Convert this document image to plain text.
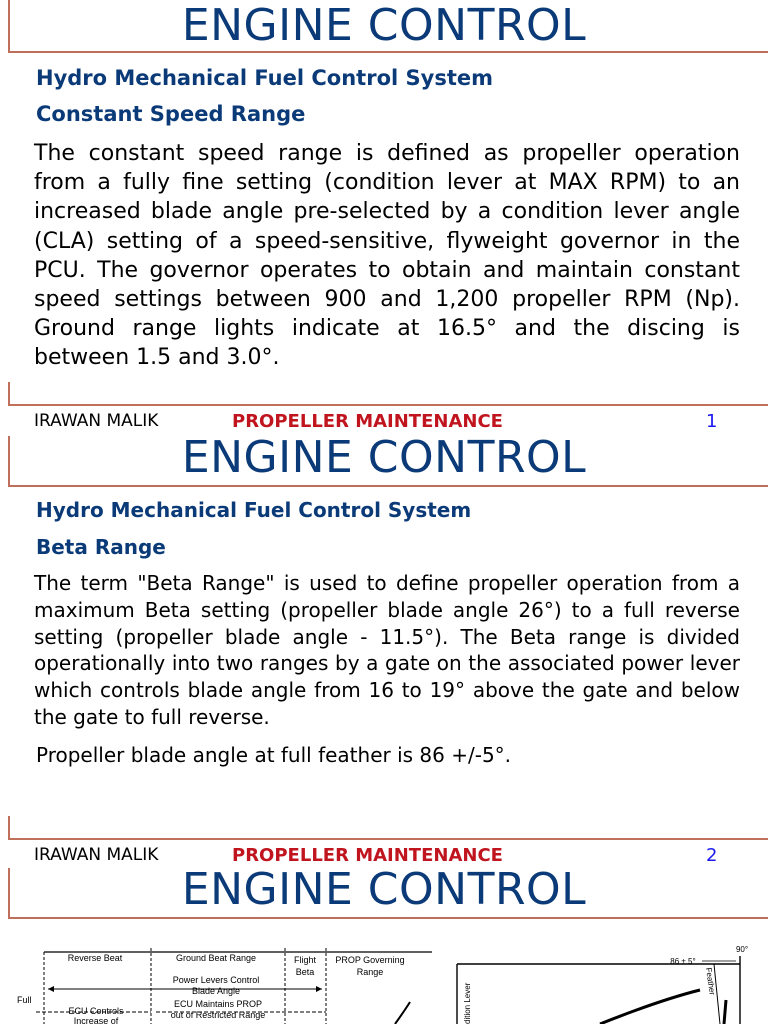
ENGINE CONTROL
Hydro Mechanical Fuel Control System
Constant Speed Range
The constant speed range is defined as propeller operation from a fully fine setting (condition lever at MAX RPM) to an increased blade angle pre-selected by a condition lever angle (CLA) setting of a speed-sensitive, flyweight governor in the PCU. The governor operates to obtain and maintain constant speed settings between 900 and 1,200 propeller RPM (Np). Ground range lights indicate at 16.5° and the discing is between 1.5 and 3.0°.
IRAWAN MALIK	PROPELLER MAINTENANCE	1
ENGINE CONTROL
Hydro Mechanical Fuel Control System
Beta Range
The term "Beta Range" is used to define propeller operation from a maximum Beta setting (propeller blade angle 26°) to a full reverse setting (propeller blade angle - 11.5°). The Beta range is divided operationally into two ranges by a gate on the associated power lever which controls blade angle from 16 to 19° above the gate and below the gate to full reverse.
Propeller blade angle at full feather is 86 +/-5°.
IRAWAN MALIK	PROPELLER MAINTENANCE	2
ENGINE CONTROL
Reverse Beat	Ground Beat Range	Flight
Beta
PROP Governing
Range
Power Levers Control
Blade Angle
ECU Maintains PROP
out of Restricted Range
Full
ECU Controls
Increase of
90°
86 ± 5°
Feather
dition Lever
